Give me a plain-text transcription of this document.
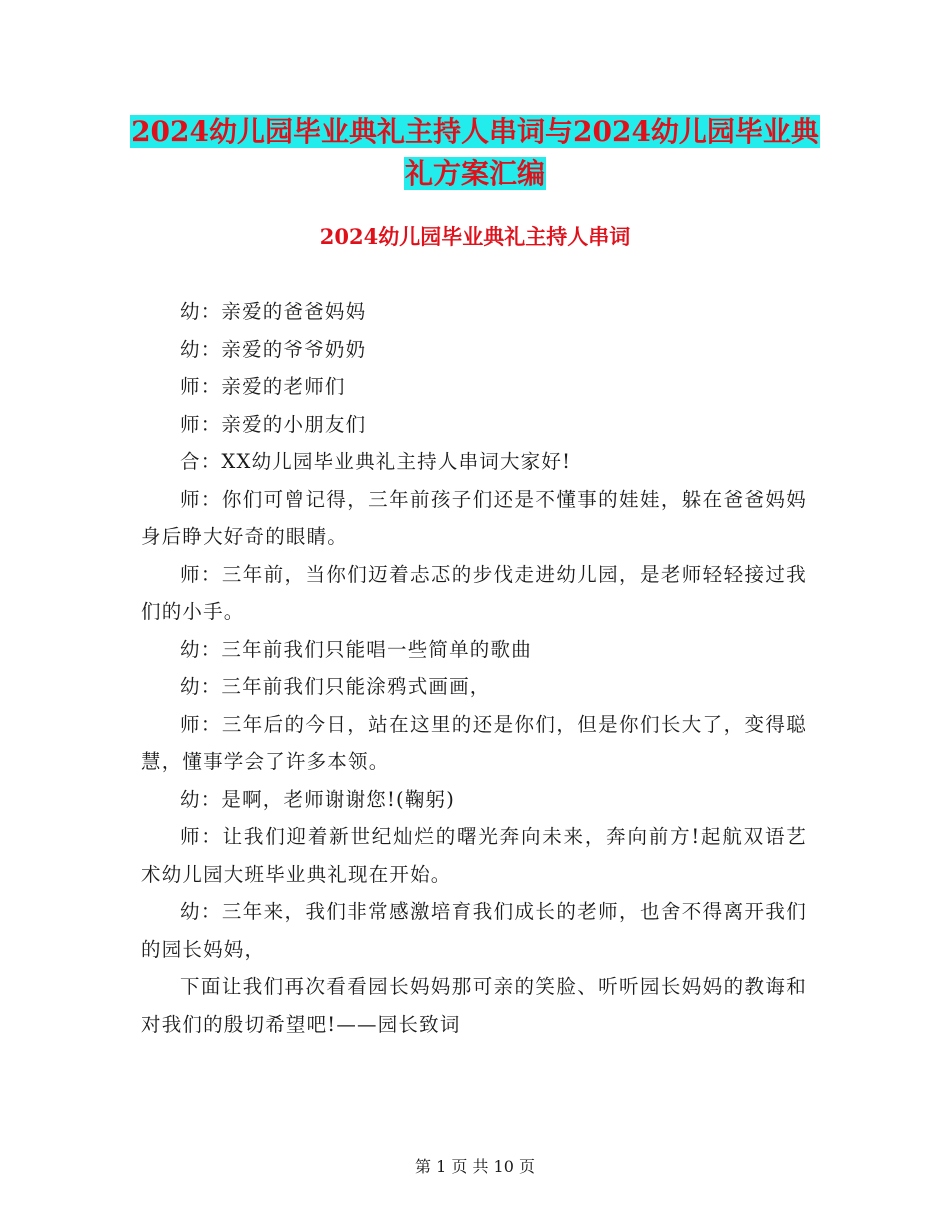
2024幼儿园毕业典礼主持人串词与2024幼儿园毕业典
礼方案汇编
2024幼儿园毕业典礼主持人串词

幼：亲爱的爸爸妈妈

幼：亲爱的爷爷奶奶

师：亲爱的老师们

师：亲爱的小朋友们

合：XX幼儿园毕业典礼主持人串词大家好!

师：你们可曾记得，三年前孩子们还是不懂事的娃娃，躲在爸爸妈妈身后睁大好奇的眼睛。

师：三年前，当你们迈着忐忑的步伐走进幼儿园，是老师轻轻接过我们的小手。

幼：三年前我们只能唱一些简单的歌曲

幼：三年前我们只能涂鸦式画画，

师：三年后的今日，站在这里的还是你们，但是你们长大了，变得聪慧，懂事学会了许多本领。

幼：是啊，老师谢谢您!(鞠躬)

师：让我们迎着新世纪灿烂的曙光奔向未来，奔向前方!起航双语艺术幼儿园大班毕业典礼现在开始。

幼：三年来，我们非常感激培育我们成长的老师，也舍不得离开我们的园长妈妈，

下面让我们再次看看园长妈妈那可亲的笑脸、听听园长妈妈的教诲和对我们的殷切希望吧!——园长致词

第 1 页 共 10 页
